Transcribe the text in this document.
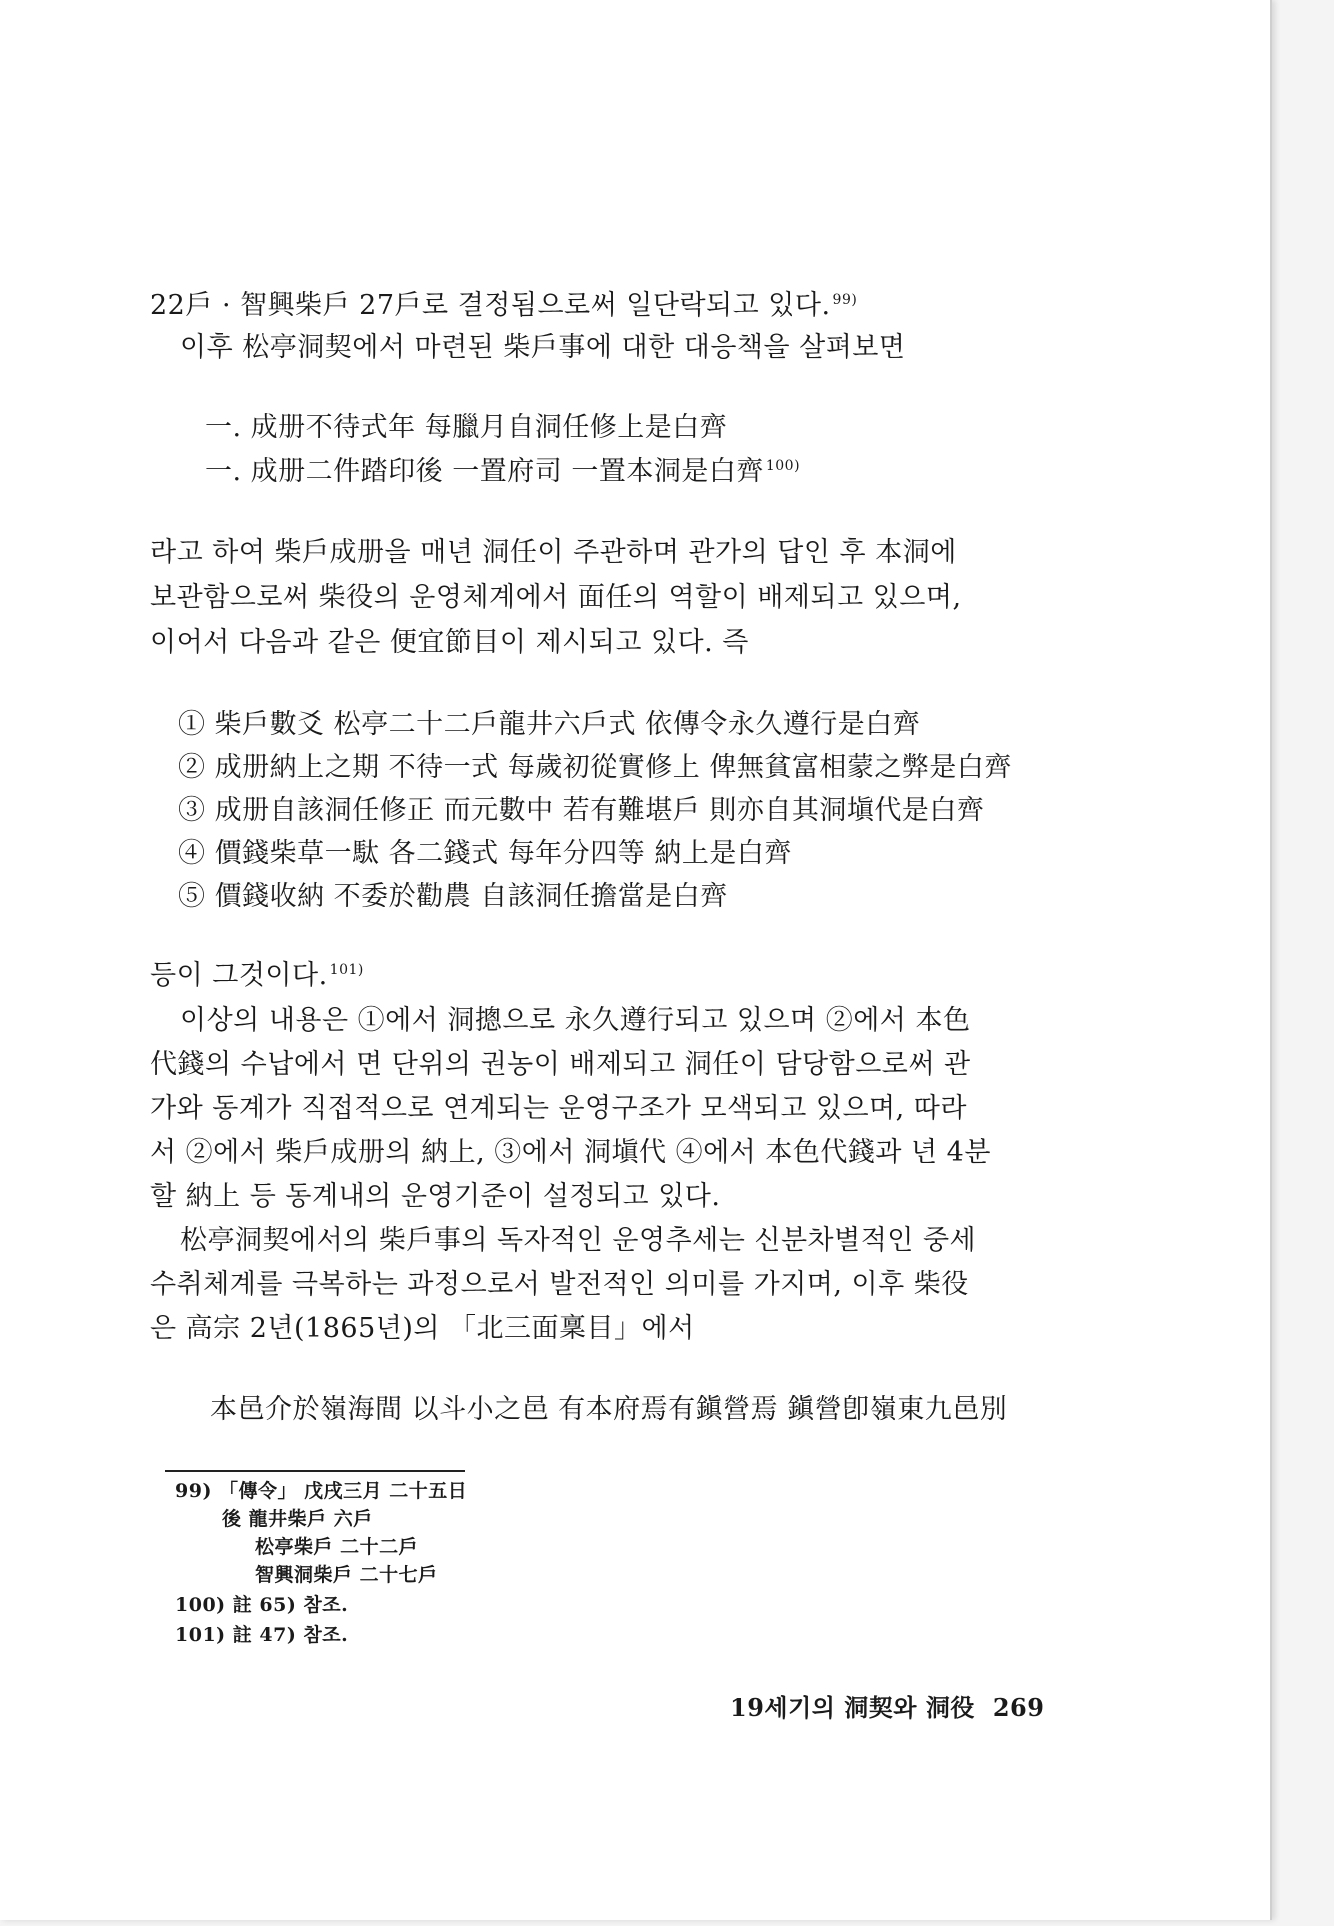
22戶 · 智興柴戶 27戶로 결정됨으로써 일단락되고 있다. $^{99)}$
이후 松亭洞契에서 마련된 柴戶事에 대한 대응책을 살펴보면
一. 成册不待式年 每臘月自洞任修上是白齊
一. 成册二件踏印後 一置府司 一置本洞是白齊 $^{100)}$
라고 하여 柴戶成册을 매년 洞任이 주관하며 관가의 답인 후 本洞에
보관함으로써 柴役의 운영체계에서 面任의 역할이 배제되고 있으며,
이어서 다음과 같은 便宜節目이 제시되고 있다. 즉
① 柴戶數爻 松亭二十二戶龍井六戶式 依傳令永久遵行是白齊
② 成册納上之期 不待一式 每歲初從實修上 俾無貧富相蒙之弊是白齊
③ 成册自該洞任修正 而元數中 若有難堪戶 則亦自其洞塡代是白齊
④ 價錢柴草一駄 各二錢式 每年分四等 納上是白齊
⑤ 價錢收納 不委於勸農 自該洞任擔當是白齊
등이 그것이다. $^{101)}$
이상의 내용은 ①에서 洞摠으로 永久遵行되고 있으며 ②에서 本色
代錢의 수납에서 면 단위의 권농이 배제되고 洞任이 담당함으로써 관
가와 동계가 직접적으로 연계되는 운영구조가 모색되고 있으며, 따라
서 ②에서 柴戶成册의 納上, ③에서 洞塡代 ④에서 本色代錢과 년 4분
할 納上 등 동계내의 운영기준이 설정되고 있다.
松亭洞契에서의 柴戶事의 독자적인 운영추세는 신분차별적인 중세
수취체계를 극복하는 과정으로서 발전적인 의미를 가지며, 이후 柴役
은 高宗 2년(1865년)의 「北三面稟目」에서
本邑介於嶺海間 以斗小之邑 有本府焉有鎭營焉 鎭營卽嶺東九邑別
99) 「傳令」 戊戌三月 二十五日
後 龍井柴戶 六戶
松亭柴戶 二十二戶
智興洞柴戶 二十七戶
100) 註 65) 참조.
101) 註 47) 참조.
19세기의 洞契와 洞役 269
